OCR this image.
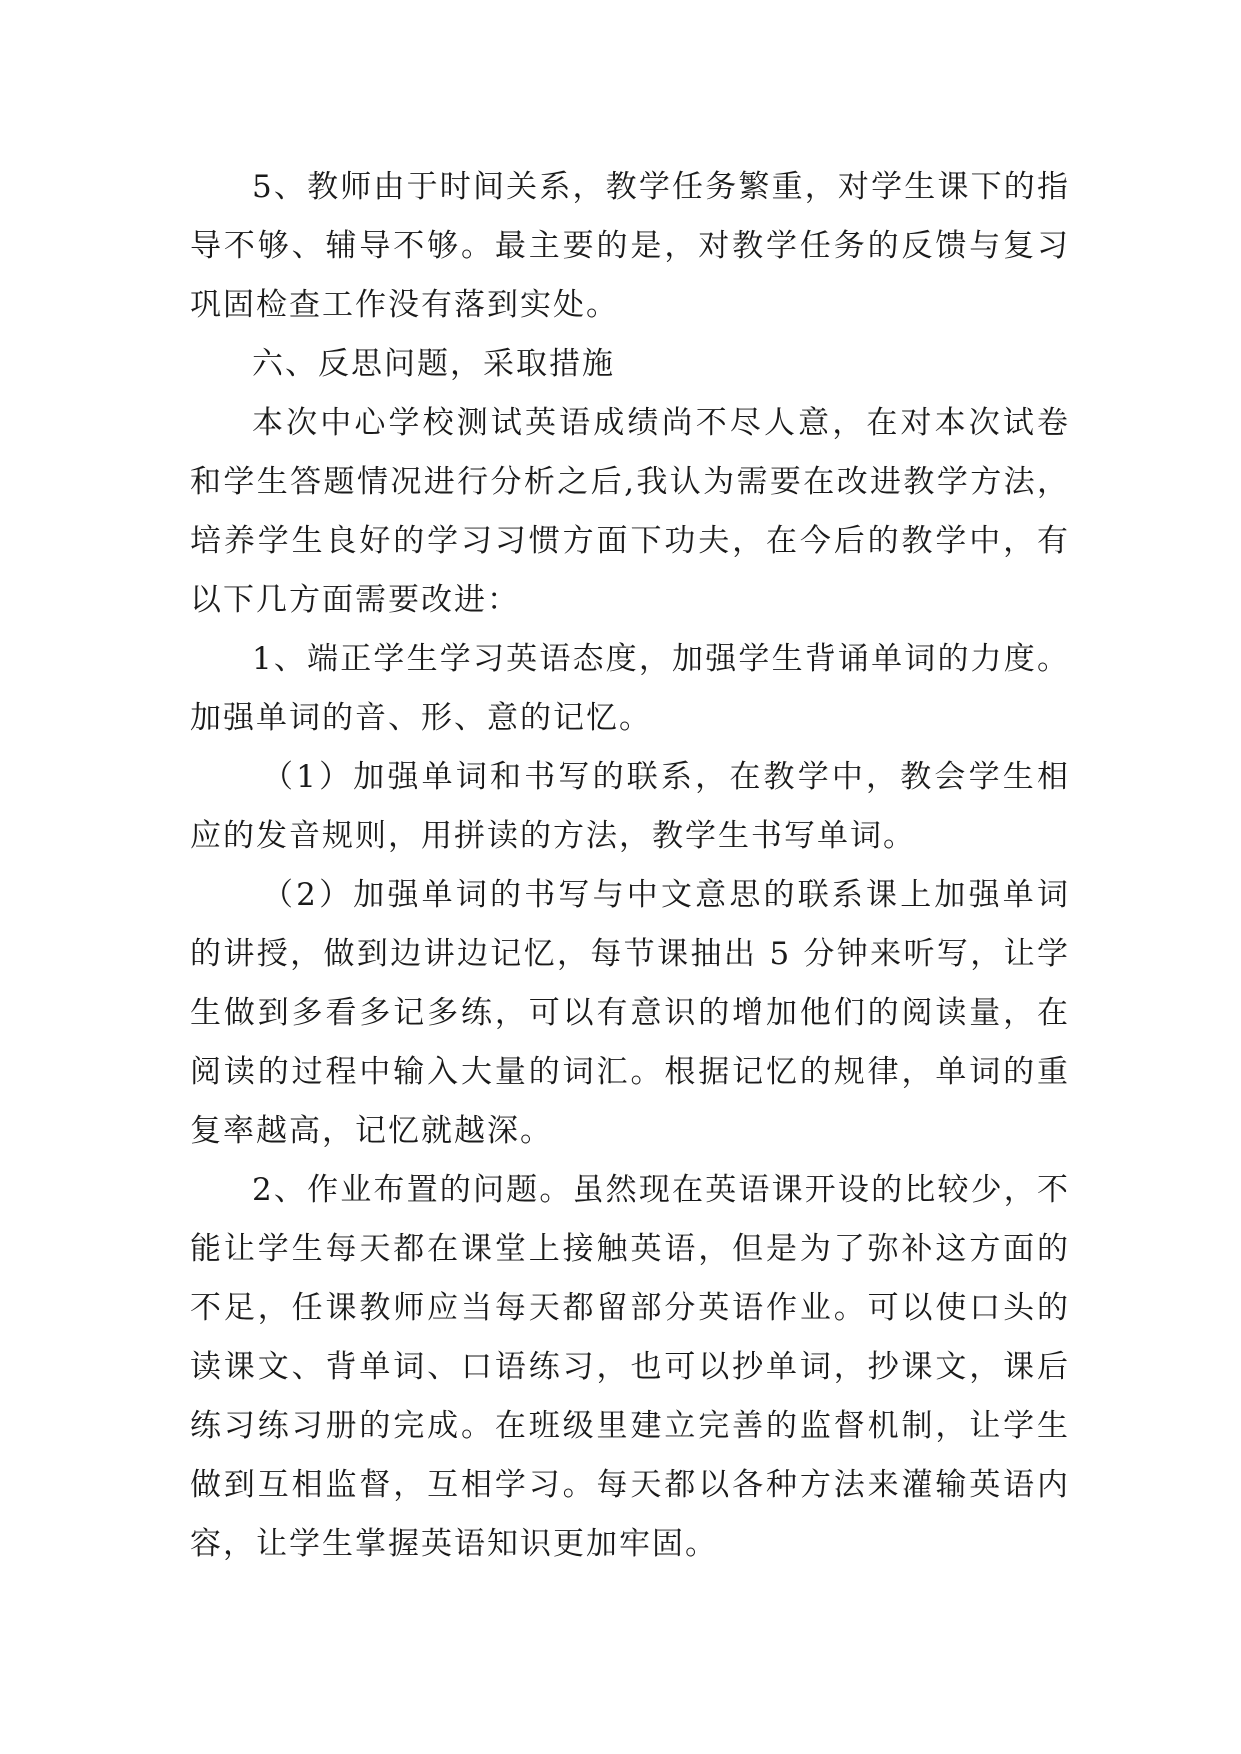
5、教师由于时间关系，教学任务繁重，对学生课下的指导不够、辅导不够。最主要的是，对教学任务的反馈与复习巩固检查工作没有落到实处。

六、反思问题，采取措施

本次中心学校测试英语成绩尚不尽人意，在对本次试卷和学生答题情况进行分析之后,我认为需要在改进教学方法，培养学生良好的学习习惯方面下功夫，在今后的教学中，有以下几方面需要改进：

1、端正学生学习英语态度，加强学生背诵单词的力度。加强单词的音、形、意的记忆。

（1）加强单词和书写的联系，在教学中，教会学生相应的发音规则，用拼读的方法，教学生书写单词。

（2）加强单词的书写与中文意思的联系课上加强单词的讲授，做到边讲边记忆，每节课抽出 5 分钟来听写，让学生做到多看多记多练，可以有意识的增加他们的阅读量，在阅读的过程中输入大量的词汇。根据记忆的规律，单词的重复率越高，记忆就越深。

2、作业布置的问题。虽然现在英语课开设的比较少，不能让学生每天都在课堂上接触英语，但是为了弥补这方面的不足，任课教师应当每天都留部分英语作业。可以使口头的读课文、背单词、口语练习，也可以抄单词，抄课文，课后练习练习册的完成。在班级里建立完善的监督机制，让学生做到互相监督，互相学习。每天都以各种方法来灌输英语内容，让学生掌握英语知识更加牢固。
